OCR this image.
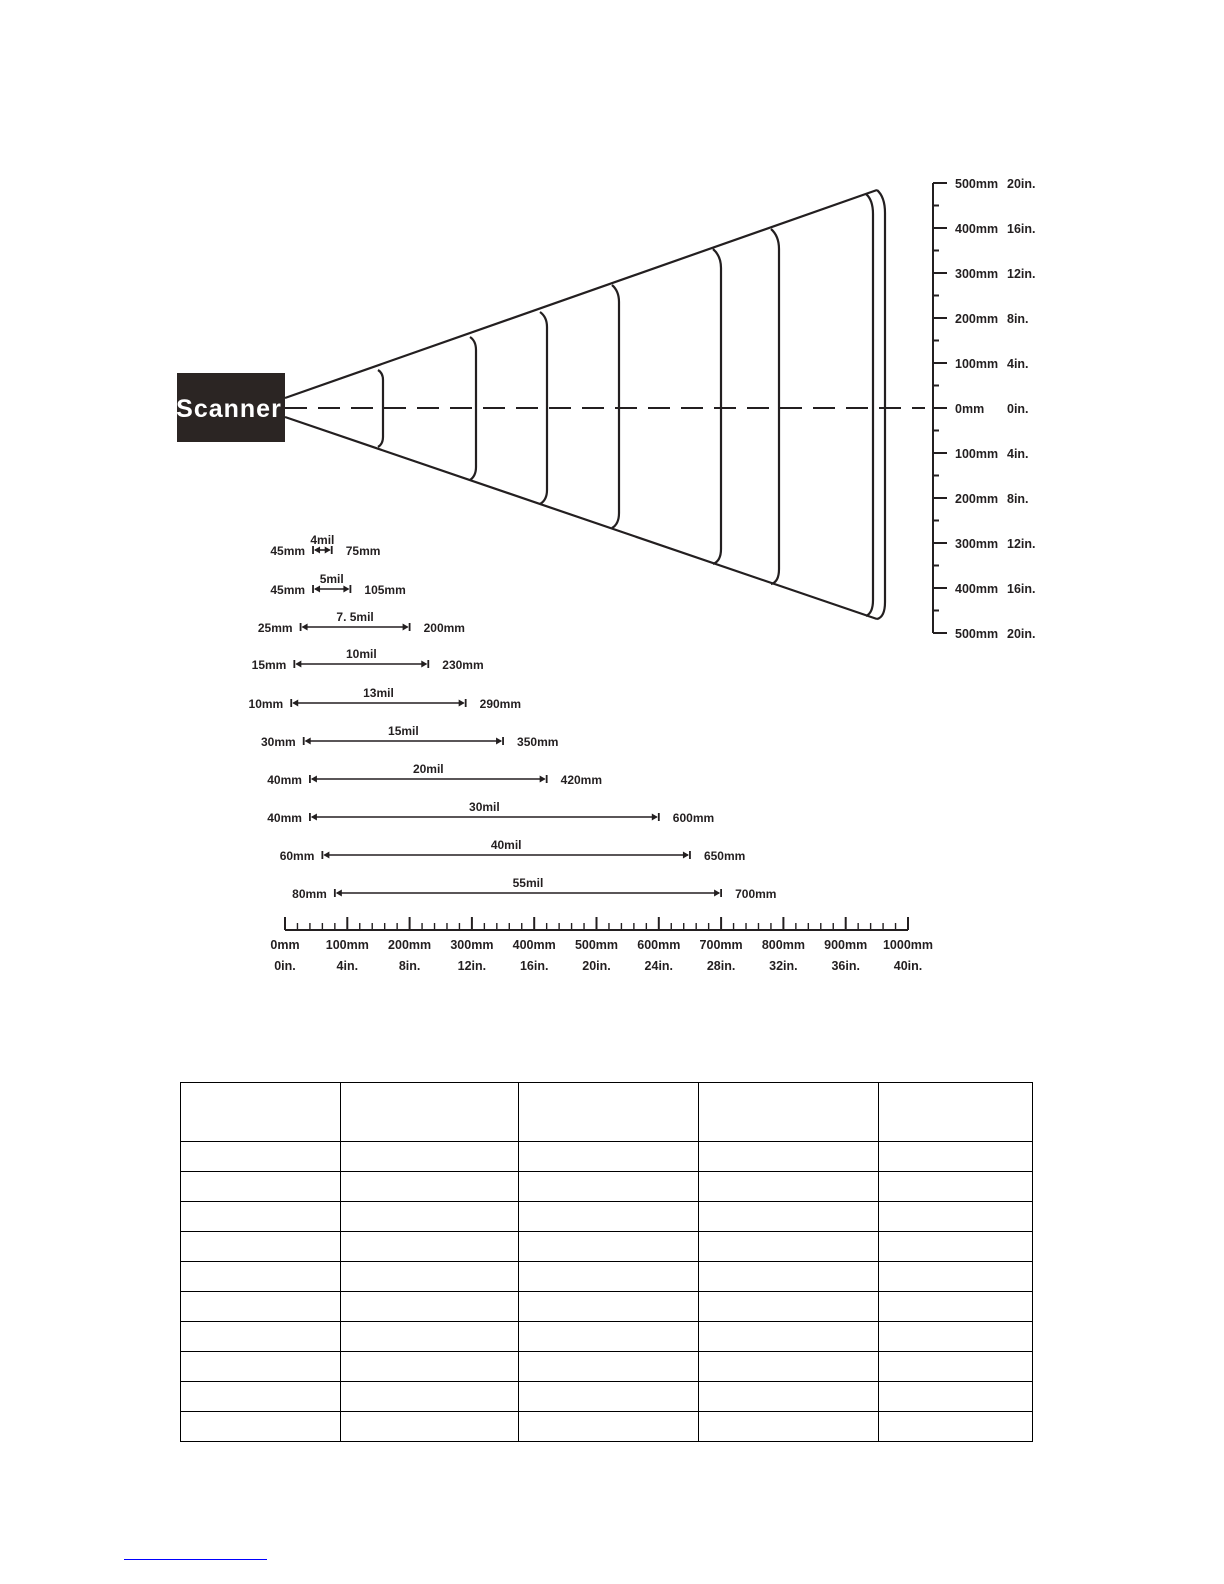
Scanner
500mm 20in.
400mm 16in.
300mm 12in.
200mm 8in.
100mm 4in.
0mm 0in.
100mm 4in.
200mm 8in.
300mm 12in.
400mm 16in.
500mm 20in.
4mil
45mm	75mm
5mil
45mm	105mm
7. 5mil
25mm	200mm
10mil
15mm	230mm
13mil
10mm	290mm
15mil
30mm	350mm
20mil
40mm	420mm
30mil
40mm	600mm
40mil
60mm	650mm
55mil
80mm	700mm
0mm
0in.
100mm
4in.
200mm
8in.
300mm
12in.
400mm
16in.
500mm
20in.
600mm
24in.
700mm
28in.
800mm
32in.
900mm
36in.
1000mm
40in.
